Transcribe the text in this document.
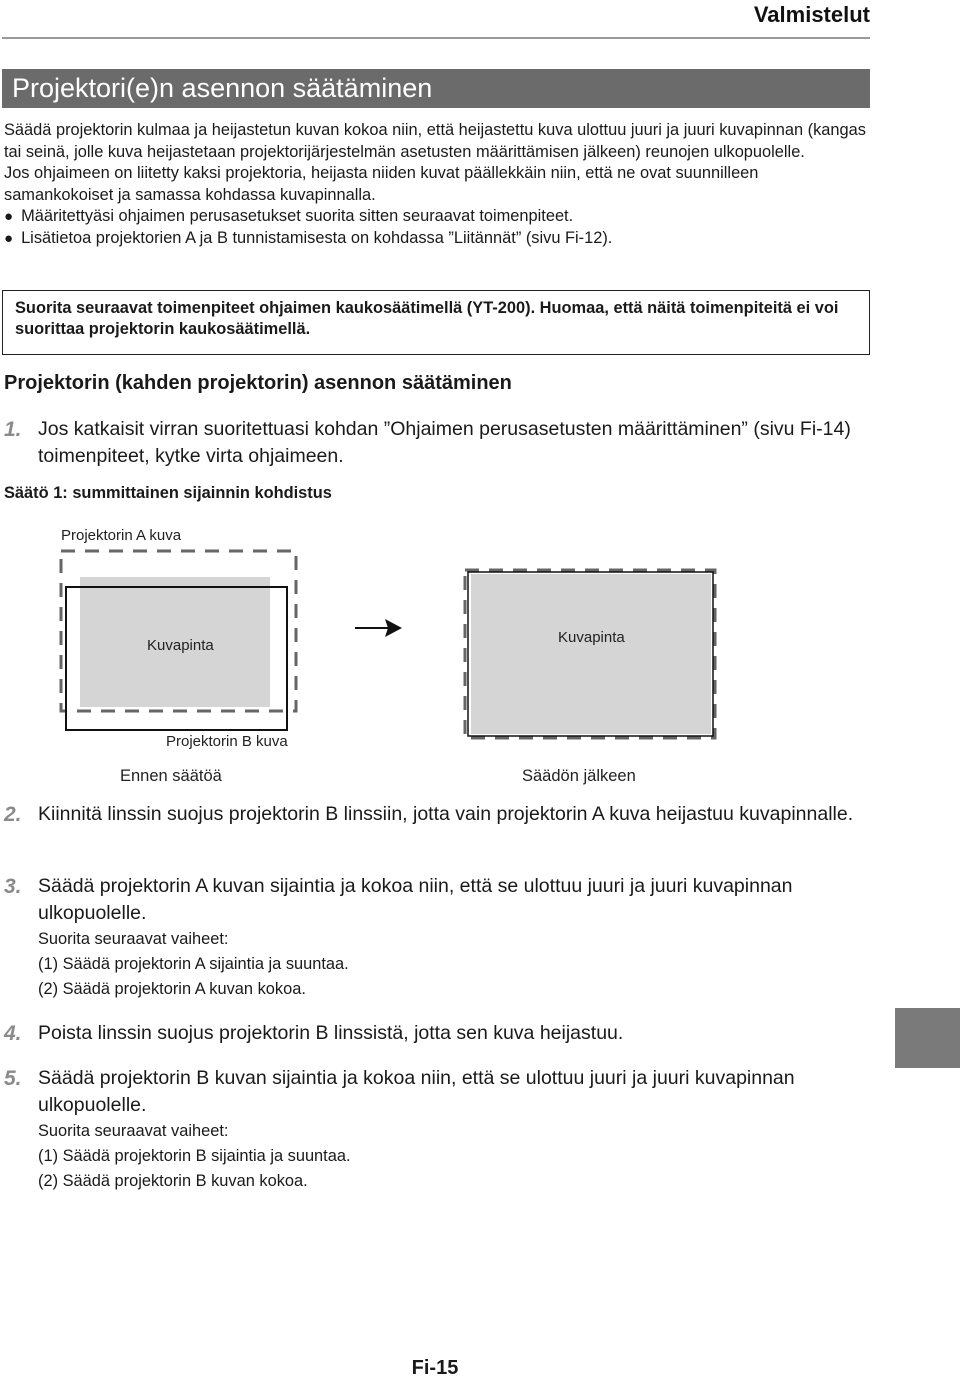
Valmistelut
Projektori(e)n asennon säätäminen

Säädä projektorin kulmaa ja heijastetun kuvan kokoa niin, että heijastettu kuva ulottuu juuri ja juuri kuvapinnan (kangas tai seinä, jolle kuva heijastetaan projektorijärjestelmän asetusten määrittämisen jälkeen) reunojen ulkopuolelle.

Jos ohjaimeen on liitetty kaksi projektoria, heijasta niiden kuvat päällekkäin niin, että ne ovat suunnilleen samankokoiset ja samassa kohdassa kuvapinnalla.

● Määritettyäsi ohjaimen perusasetukset suorita sitten seuraavat toimenpiteet.

● Lisätietoa projektorien A ja B tunnistamisesta on kohdassa ”Liitännät” (sivu Fi-12).

Suorita seuraavat toimenpiteet ohjaimen kaukosäätimellä (YT-200). Huomaa, että näitä toimenpiteitä ei voi suorittaa projektorin kaukosäätimellä.
Projektorin (kahden projektorin) asennon säätäminen
1. Jos katkaisit virran suoritettuasi kohdan ”Ohjaimen perusasetusten määrittäminen” (sivu Fi-14) toimenpiteet, kytke virta ohjaimeen.
Säätö 1: summittainen sijainnin kohdistus
Projektorin A kuva
Projektorin B kuva
Kuvapinta	Kuvapinta
Ennen säätöä	Säädön jälkeen
2. Kiinnitä linssin suojus projektorin B linssiin, jotta vain projektorin A kuva heijastuu kuvapinnalle.
3. Säädä projektorin A kuvan sijaintia ja kokoa niin, että se ulottuu juuri ja juuri kuvapinnan ulkopuolelle.
Suorita seuraavat vaiheet:
(1) Säädä projektorin A sijaintia ja suuntaa.
(2) Säädä projektorin A kuvan kokoa.
4. Poista linssin suojus projektorin B linssistä, jotta sen kuva heijastuu.
5. Säädä projektorin B kuvan sijaintia ja kokoa niin, että se ulottuu juuri ja juuri kuvapinnan ulkopuolelle.
Suorita seuraavat vaiheet:
(1) Säädä projektorin B sijaintia ja suuntaa.
(2) Säädä projektorin B kuvan kokoa.
Fi-15
